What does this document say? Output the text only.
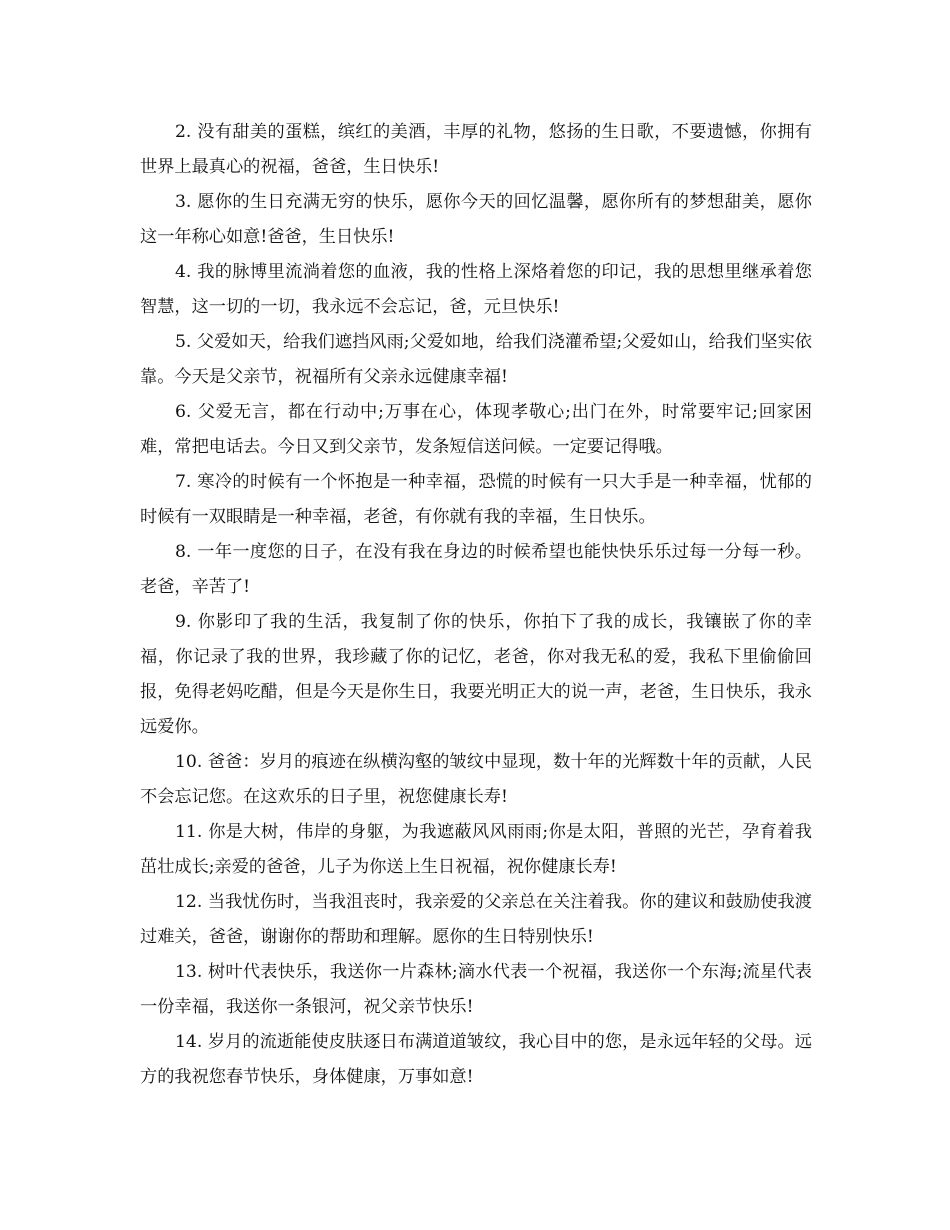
2. 没有甜美的蛋糕，缤红的美酒，丰厚的礼物，悠扬的生日歌，不要遗憾，你拥有世界上最真心的祝福，爸爸，生日快乐!

3. 愿你的生日充满无穷的快乐，愿你今天的回忆温馨，愿你所有的梦想甜美，愿你这一年称心如意!爸爸，生日快乐!

4. 我的脉博里流淌着您的血液，我的性格上深烙着您的印记，我的思想里继承着您智慧，这一切的一切，我永远不会忘记，爸，元旦快乐!

5. 父爱如天，给我们遮挡风雨;父爱如地，给我们浇灌希望;父爱如山，给我们坚实依靠。今天是父亲节，祝福所有父亲永远健康幸福!

6. 父爱无言，都在行动中;万事在心，体现孝敬心;出门在外，时常要牢记;回家困难，常把电话去。今日又到父亲节，发条短信送问候。一定要记得哦。

7. 寒冷的时候有一个怀抱是一种幸福，恐慌的时候有一只大手是一种幸福，忧郁的时候有一双眼睛是一种幸福，老爸，有你就有我的幸福，生日快乐。

8. 一年一度您的日子，在没有我在身边的时候希望也能快快乐乐过每一分每一秒。老爸，辛苦了!

9. 你影印了我的生活，我复制了你的快乐，你拍下了我的成长，我镶嵌了你的幸福，你记录了我的世界，我珍藏了你的记忆，老爸，你对我无私的爱，我私下里偷偷回报，免得老妈吃醋，但是今天是你生日，我要光明正大的说一声，老爸，生日快乐，我永远爱你。

10. 爸爸：岁月的痕迹在纵横沟壑的皱纹中显现，数十年的光辉数十年的贡献，人民不会忘记您。在这欢乐的日子里，祝您健康长寿!

11. 你是大树，伟岸的身躯，为我遮蔽风风雨雨;你是太阳，普照的光芒，孕育着我茁壮成长;亲爱的爸爸，儿子为你送上生日祝福，祝你健康长寿!

12. 当我忧伤时，当我沮丧时，我亲爱的父亲总在关注着我。你的建议和鼓励使我渡过难关，爸爸，谢谢你的帮助和理解。愿你的生日特别快乐!

13. 树叶代表快乐，我送你一片森林;滴水代表一个祝福，我送你一个东海;流星代表一份幸福，我送你一条银河，祝父亲节快乐!

14. 岁月的流逝能使皮肤逐日布满道道皱纹，我心目中的您，是永远年轻的父母。远方的我祝您春节快乐，身体健康，万事如意!
